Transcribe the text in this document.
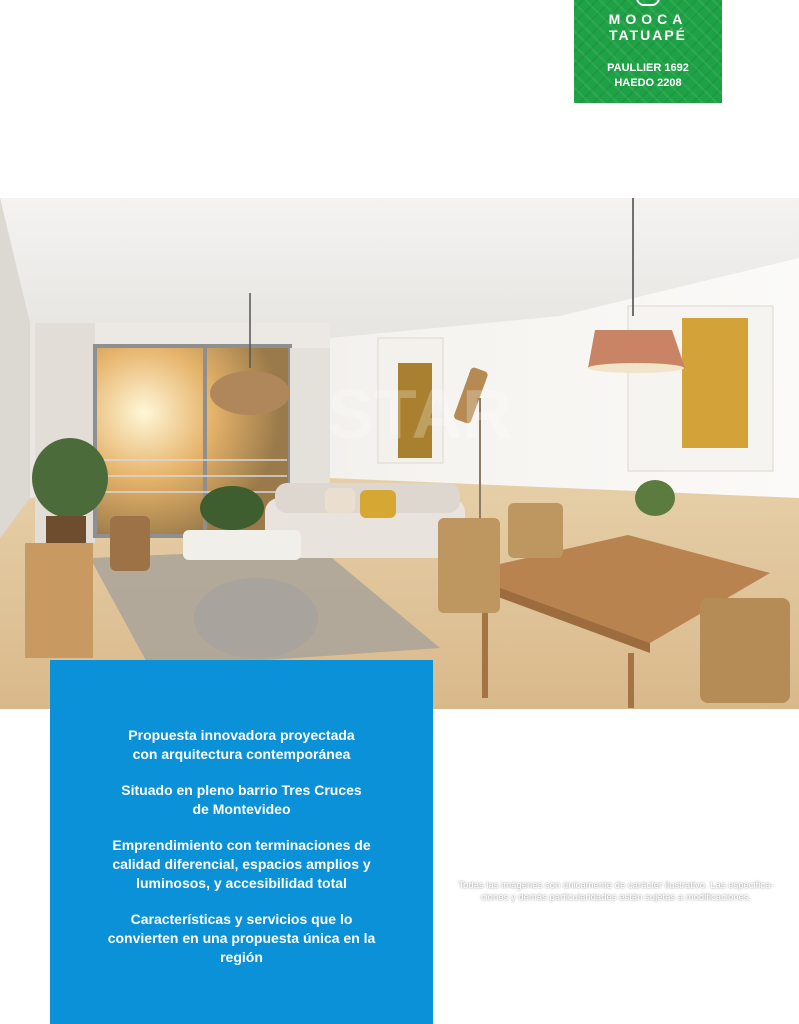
MOOCA
TATUAPÉ
PAULLIER 1692
HAEDO 2208
STAR
Todas las imágenes son únicamente de carácter ilustrativo. Las especifica-
ciones y demás particularidades están sujetas a modificaciones.

Propuesta innovadora proyectada
con arquitectura contemporánea

Situado en pleno barrio Tres Cruces
de Montevideo

Emprendimiento con terminaciones de
calidad diferencial, espacios amplios y
luminosos, y accesibilidad total

Características y servicios que lo
convierten en una propuesta única en la
región
